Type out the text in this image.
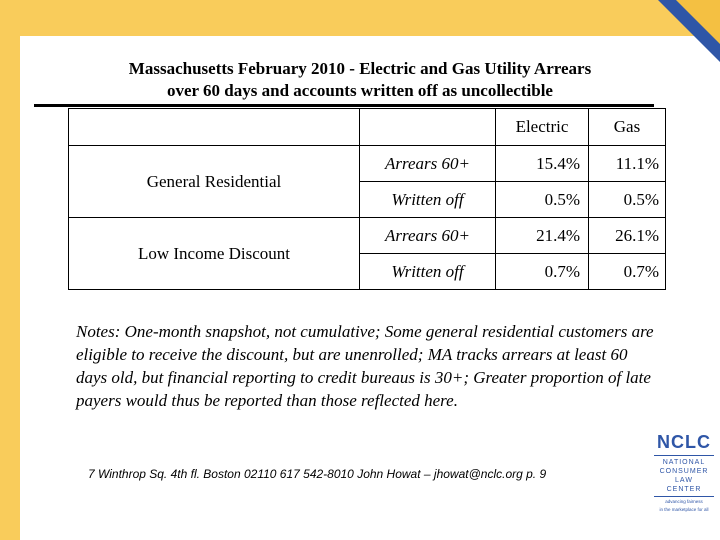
Massachusetts February 2010 - Electric and Gas Utility Arrears
over 60 days and accounts written off as uncollectible
		Electric	Gas
General Residential	Arrears 60+	15.4%	11.1%
	Written off	0.5%	0.5%
Low Income Discount	Arrears 60+	21.4%	26.1%
	Written off	0.7%	0.7%
Notes: One-month snapshot, not cumulative; Some general residential customers are eligible to receive the discount, but are unenrolled; MA tracks arrears at least 60 days old, but financial reporting to credit bureaus is 30+; Greater proportion of late payers would thus be reported than those reflected here.
7 Winthrop Sq. 4th fl. Boston 02110 617 542-8010 John Howat – jhowat@nclc.org p. 9
NCLC
NATIONAL
CONSUMER
LAW
CENTER
advancing fairness
in the marketplace for all
